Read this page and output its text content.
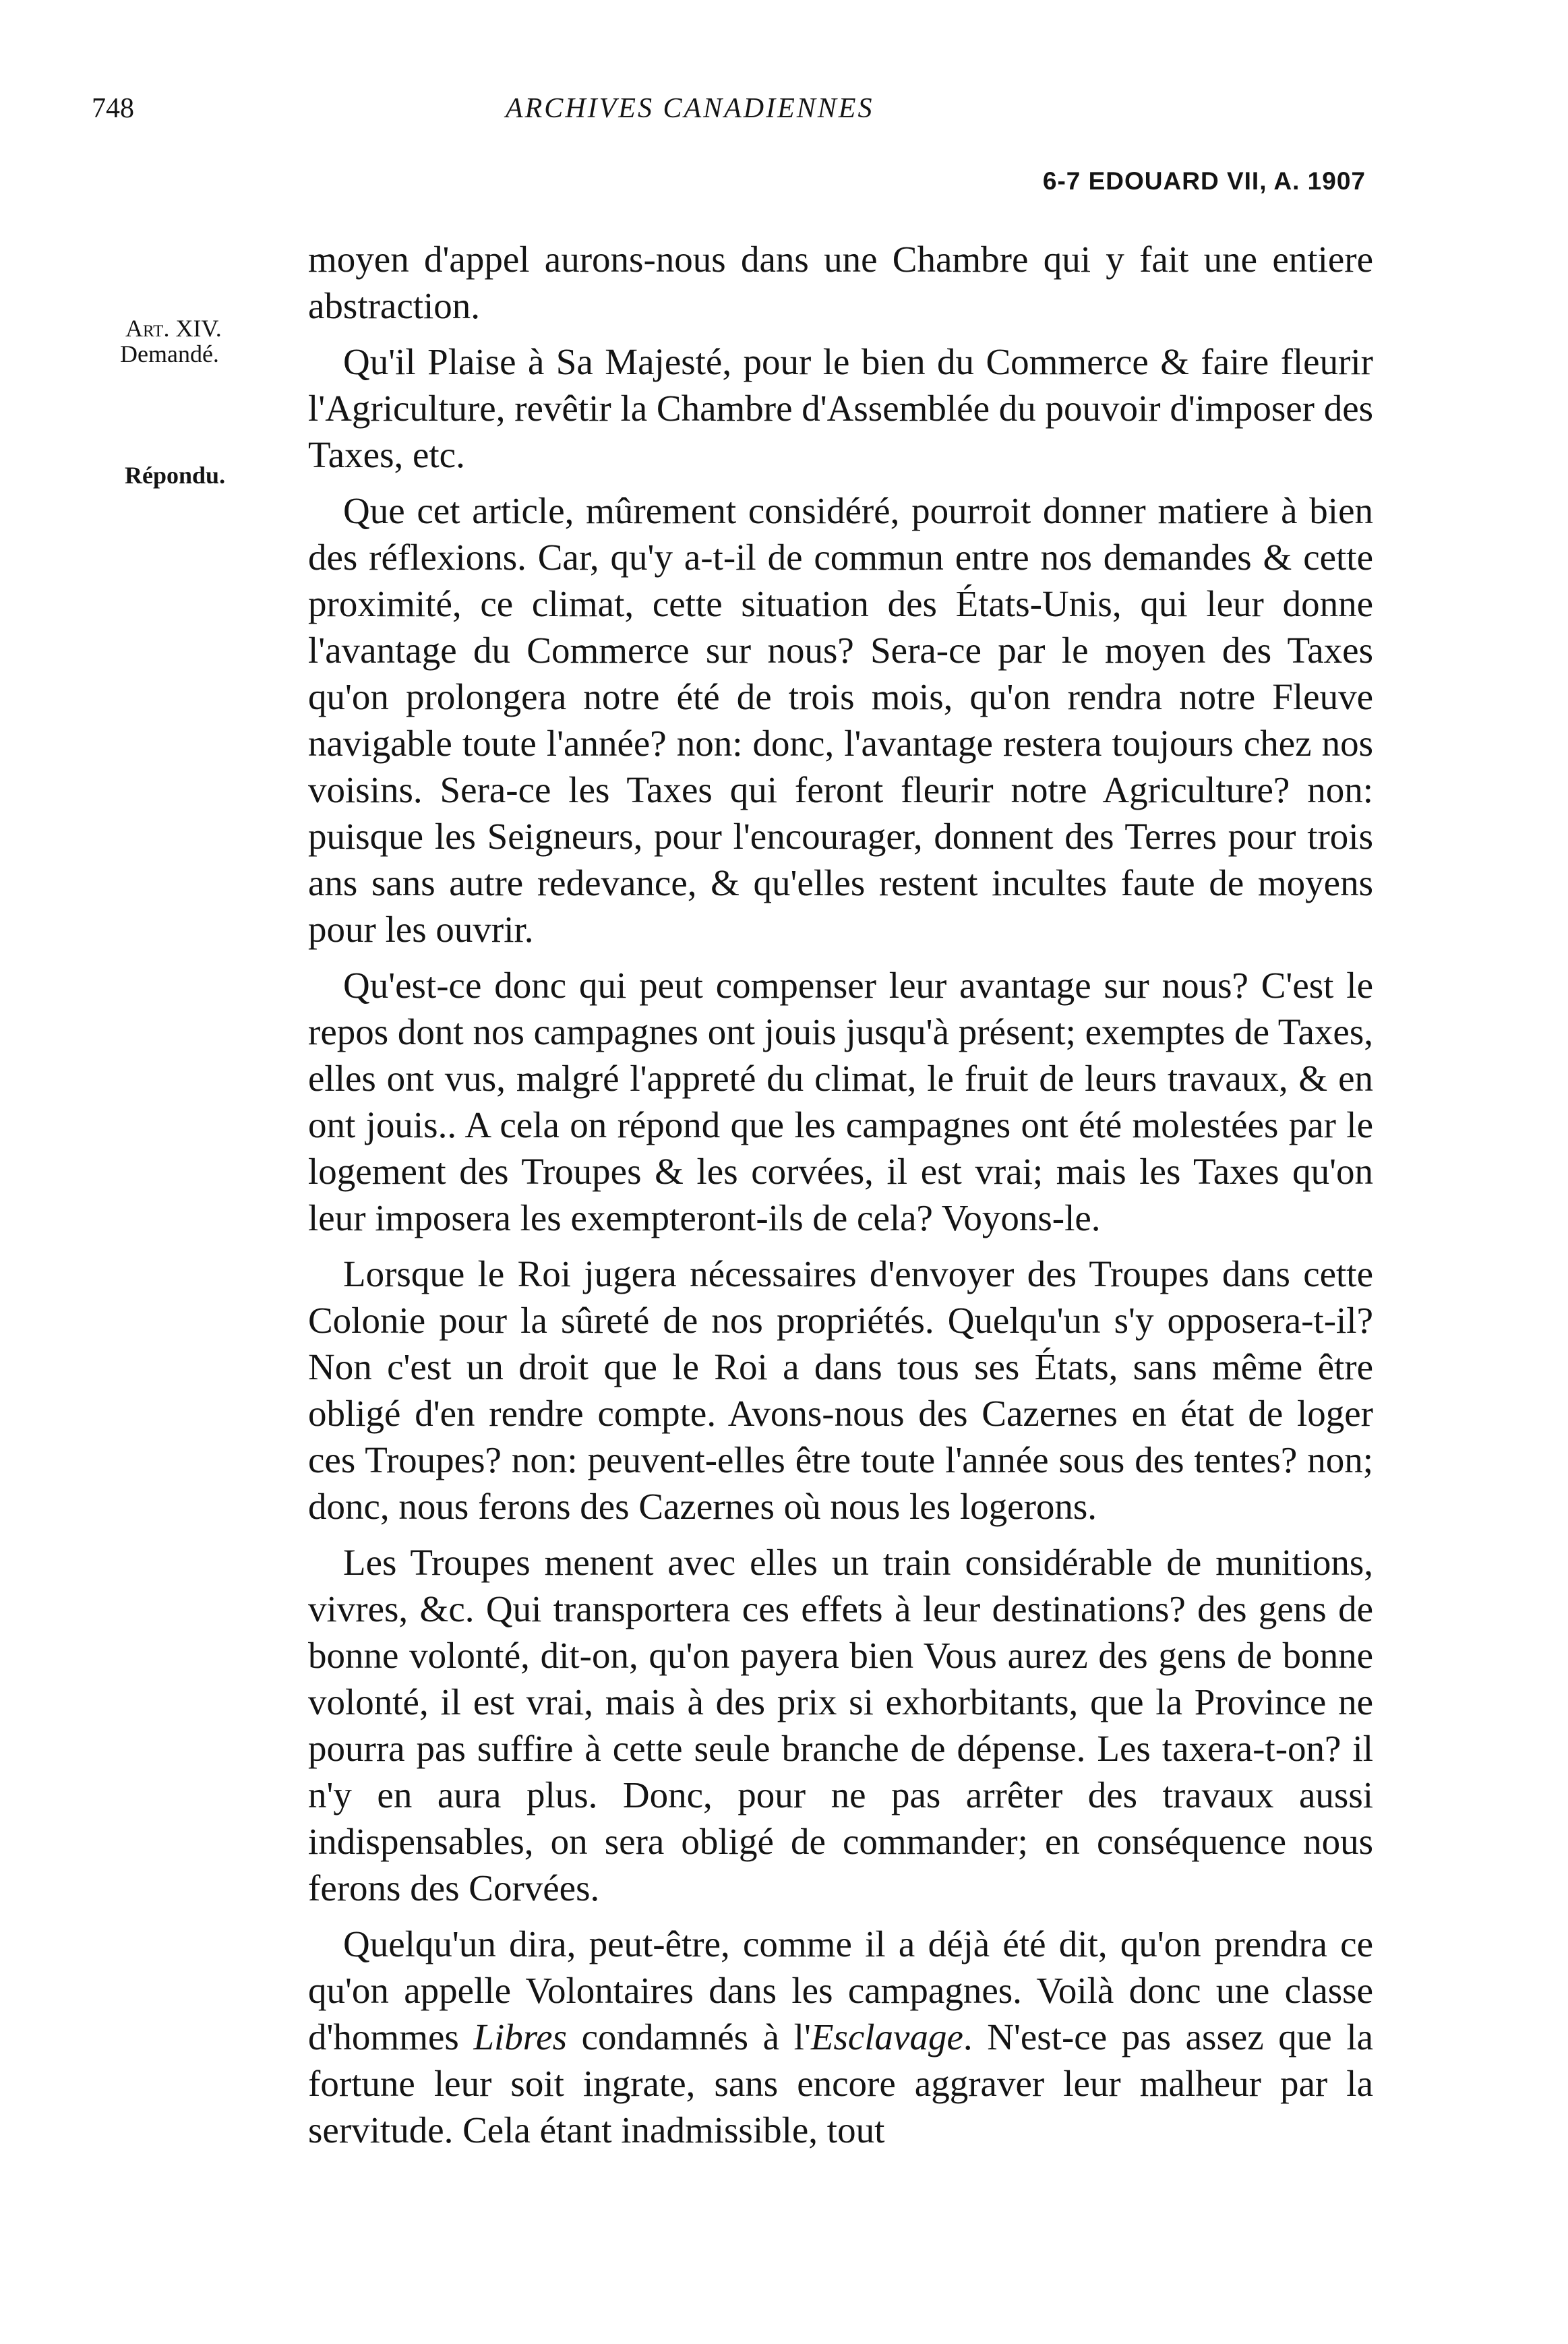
748	ARCHIVES CANADIENNES
6-7 EDOUARD VII, A. 1907
Art. XIV.
Demandé.
Répondu.

moyen d'appel aurons-nous dans une Chambre qui y fait une entiere abstraction.

Qu'il Plaise à Sa Majesté, pour le bien du Commerce & faire fleurir l'Agriculture, revêtir la Chambre d'Assemblée du pouvoir d'imposer des Taxes, etc.

Que cet article, mûrement considéré, pourroit donner matiere à bien des réflexions. Car, qu'y a-t-il de commun entre nos demandes & cette proximité, ce climat, cette situation des États-Unis, qui leur donne l'avantage du Commerce sur nous? Sera-ce par le moyen des Taxes qu'on prolongera notre été de trois mois, qu'on rendra notre Fleuve navigable toute l'année? non: donc, l'avantage restera toujours chez nos voisins. Sera-ce les Taxes qui feront fleurir notre Agriculture? non: puisque les Seigneurs, pour l'encourager, donnent des Terres pour trois ans sans autre redevance, & qu'elles restent incultes faute de moyens pour les ouvrir.

Qu'est-ce donc qui peut compenser leur avantage sur nous? C'est le repos dont nos campagnes ont jouis jusqu'à présent; exemptes de Taxes, elles ont vus, malgré l'appreté du climat, le fruit de leurs travaux, & en ont jouis.. A cela on répond que les campagnes ont été molestées par le logement des Troupes & les corvées, il est vrai; mais les Taxes qu'on leur imposera les exempteront-ils de cela? Voyons-le.

Lorsque le Roi jugera nécessaires d'envoyer des Troupes dans cette Colonie pour la sûreté de nos propriétés. Quelqu'un s'y opposera-t-il? Non c'est un droit que le Roi a dans tous ses États, sans même être obligé d'en rendre compte. Avons-nous des Cazernes en état de loger ces Troupes? non: peuvent-elles être toute l'année sous des tentes? non; donc, nous ferons des Cazernes où nous les logerons.

Les Troupes menent avec elles un train considérable de munitions, vivres, &c. Qui transportera ces effets à leur destinations? des gens de bonne volonté, dit-on, qu'on payera bien Vous aurez des gens de bonne volonté, il est vrai, mais à des prix si exhorbitants, que la Province ne pourra pas suffire à cette seule branche de dépense. Les taxera-t-on? il n'y en aura plus. Donc, pour ne pas arrêter des travaux aussi indispensables, on sera obligé de commander; en conséquence nous ferons des Corvées.

Quelqu'un dira, peut-être, comme il a déjà été dit, qu'on prendra ce qu'on appelle Volontaires dans les campagnes. Voilà donc une classe d'hommes Libres condamnés à l'Esclavage. N'est-ce pas assez que la fortune leur soit ingrate, sans encore aggraver leur malheur par la servitude. Cela étant inadmissible, tout
